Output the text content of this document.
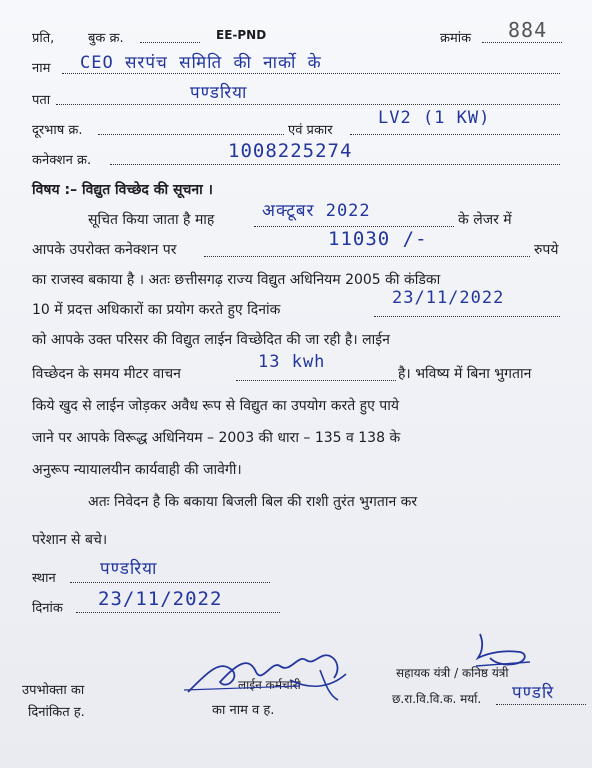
प्रति,	बुक क्र.	EE-PND	क्रमांक 884
नाम CEO सरपंच समिति की नार्को के
पता	पण्डरिया
दूरभाष क्र.	एवं प्रकार
LV2 (1 KW)
कनेक्शन क्र.	1008225274
विषय :– विद्युत विच्छेद की सूचना ।
सूचित किया जाता है माह	अक्टूबर 2022	के लेजर में
आपके उपरोक्त कनेक्शन पर	11030 /-	रुपये
का राजस्व बकाया है । अतः छत्तीसगढ़ राज्य विद्युत अधिनियम 2005 की कंडिका
10 में प्रदत्त अधिकारों का प्रयोग करते हुए दिनांक
23/11/2022
को आपके उक्त परिसर की विद्युत लाईन विच्छेदित की जा रही है। लाईन
विच्छेदन के समय मीटर वाचन
13 kwh
है। भविष्य में बिना भुगतान
किये खुद से लाईन जोड़कर अवैध रूप से विद्युत का उपयोग करते हुए पाये
जाने पर आपके विरूद्ध अधिनियम – 2003 की धारा – 135 व 138 के
अनुरूप न्यायालयीन कार्यवाही की जावेगी।
अतः निवेदन है कि बकाया बिजली बिल की राशी तुरंत भुगतान कर
परेशान से बचे।
स्थान	पण्डरिया
दिनांक 23/11/2022
उपभोक्ता का
दिनांकित ह.
लाईन कर्मचारी
का नाम व ह.
सहायक यंत्री / कनिष्ठ यंत्री
छ.रा.वि.वि.क. मर्या. पण्डरि
